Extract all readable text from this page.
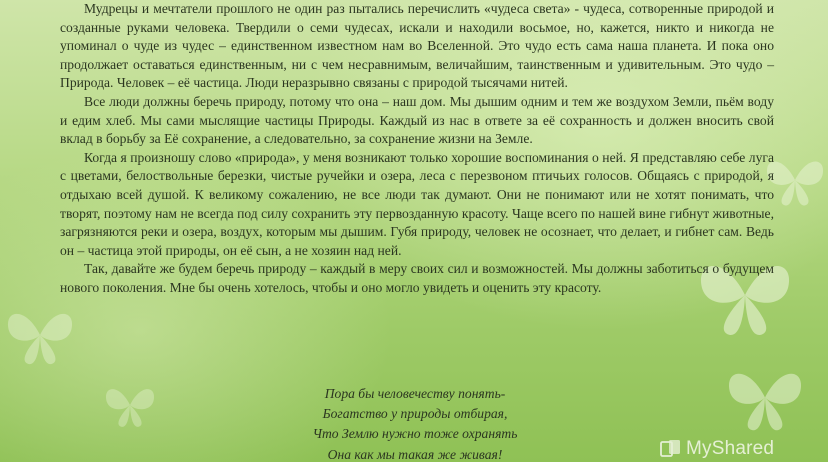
Мудрецы и мечтатели прошлого не один раз пытались перечислить «чудеса света» - чудеса, сотворенные природой и созданные руками человека. Твердили о семи чудесах, искали и находили восьмое, но, кажется, никто и никогда не упоминал о чуде из чудес – единственном известном нам во Вселенной. Это чудо есть сама наша планета. И пока оно продолжает оставаться единственным, ни с чем несравнимым, величайшим, таинственным и удивительным. Это чудо – Природа. Человек – её частица. Люди неразрывно связаны с природой тысячами нитей.

Все люди должны беречь природу, потому что она – наш дом. Мы дышим одним и тем же воздухом Земли, пьём воду и едим хлеб. Мы сами мыслящие частицы Природы. Каждый из нас в ответе за её сохранность и должен вносить свой вклад в борьбу за Её сохранение, а следовательно, за сохранение жизни на Земле.

Когда я произношу слово «природа», у меня возникают только хорошие воспоминания о ней. Я представляю себе луга с цветами, белоствольные березки, чистые ручейки и озера, леса с перезвоном птичьих голосов. Общаясь с природой, я отдыхаю всей душой. К великому сожалению, не все люди так думают. Они не понимают или не хотят понимать, что творят, поэтому нам не всегда под силу сохранить эту первозданную красоту. Чаще всего по нашей вине гибнут животные, загрязняются реки и озера, воздух, которым мы дышим. Губя природу, человек не осознает, что делает, и гибнет сам. Ведь он – частица этой природы, он её сын, а не хозяин над ней.

Так, давайте же будем беречь природу – каждый в меру своих сил и возможностей. Мы должны заботиться о будущем нового поколения. Мне бы очень хотелось, чтобы и оно могло увидеть и оценить эту красоту.

Пора бы человечеству понять-
Богатство у природы отбирая,
Что Землю нужно тоже охранять
Она как мы такая же живая!	MyShared
